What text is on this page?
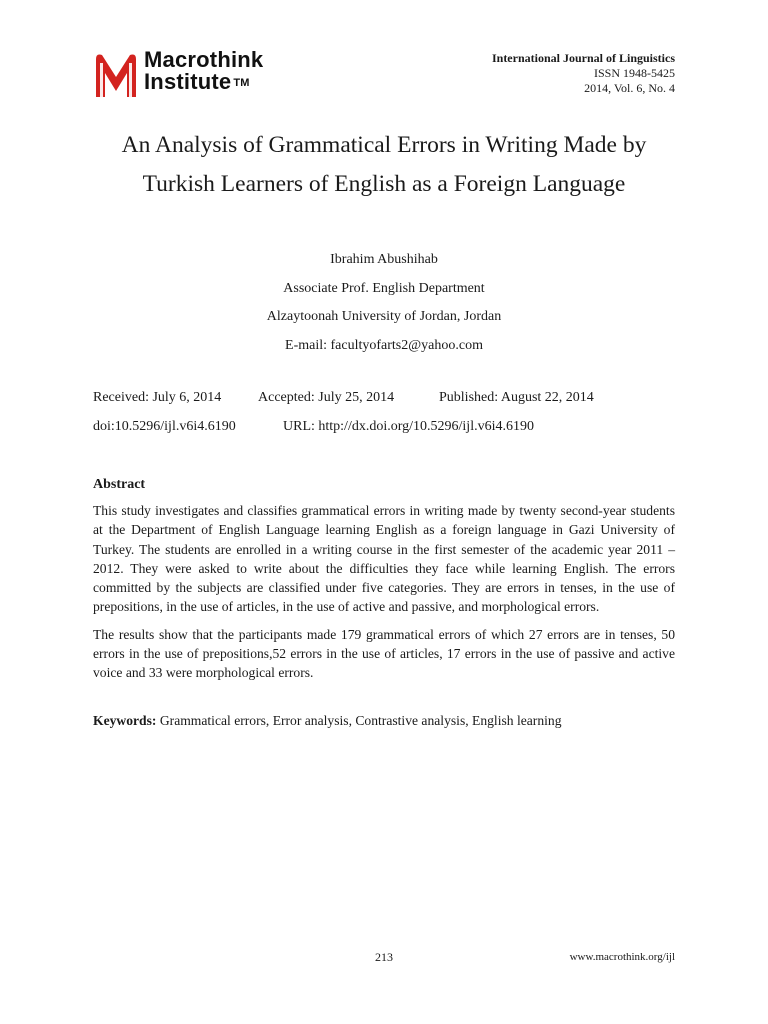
Macrothink
Institute ™
International Journal of Linguistics
ISSN 1948-5425
2014, Vol. 6, No. 4
An Analysis of Grammatical Errors in Writing Made by
Turkish Learners of English as a Foreign Language
Ibrahim Abushihab
Associate Prof. English Department
Alzaytoonah University of Jordan, Jordan
E-mail: facultyofarts2@yahoo.com
Received: July 6, 2014	Accepted: July 25, 2014	Published: August 22, 2014
doi:10.5296/ijl.v6i4.6190	URL: http://dx.doi.org/10.5296/ijl.v6i4.6190
Abstract

This study investigates and classifies grammatical errors in writing made by twenty second-year students at the Department of English Language learning English as a foreign language in Gazi University of Turkey. The students are enrolled in a writing course in the first semester of the academic year 2011 – 2012. They were asked to write about the difficulties they face while learning English. The errors committed by the subjects are classified under five categories. They are errors in tenses, in the use of prepositions, in the use of articles, in the use of active and passive, and morphological errors.

The results show that the participants made 179 grammatical errors of which 27 errors are in tenses, 50 errors in the use of prepositions,52 errors in the use of articles, 17 errors in the use of passive and active voice and 33 were morphological errors.

Keywords: Grammatical errors, Error analysis, Contrastive analysis, English learning
213	www.macrothink.org/ijl
